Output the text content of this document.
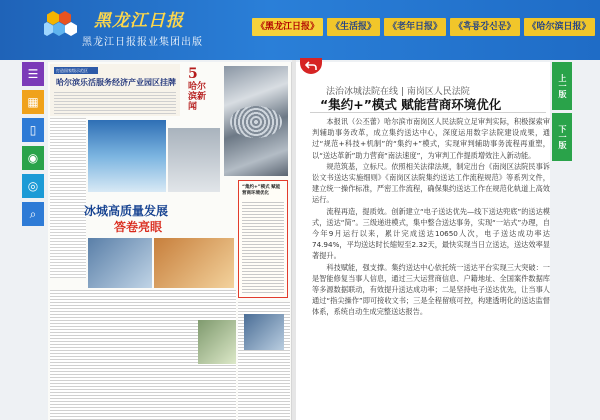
黑龙江日报
黑龙江日报报业集团出版
《黑龙江日报》	《生活报》	《老年日报》	《흑룡강신문》	《哈尔滨日报》
☰
▦
▯
◉
◎
⌕
打造国家级示范区
哈尔滨乐活服务经济产业园区挂牌 5
哈尔滨新闻
冰城高质量发展
答卷亮眼
“集约+”模式 赋能营商环境优化
法治冰城法院在线 | 南岗区人民法院
“集约+”模式 赋能营商环境优化

本报讯（公丕蕾）哈尔滨市南岗区人民法院立足审判实际，积极探索审判辅助事务改革，成立集约送达中心，深度运用数字法院建设成果，通过“规范+科技+机制”的“集约+”模式，实现审判辅助事务流程再重塑，以“送达革新”助力营商“南法速度”，为审判工作提质增效注入新动能。

规范筑基，立标尺。依照相关法律法规，制定出台《南岗区法院民事诉讼文书送达实施细则》《南岗区法院集约送达工作流程规范》等系列文件，建立统一操作标准，严密工作流程，确保集约送达工作在规范化轨道上高效运行。

流程再造，提质效。创新建立“电子送达优先—线下送达兜底”的送达模式，送达“简”。三级递进模式，集中整合送达事务，实现“一站式”办理，自今年9月运行以来，累计完成送达10650人次，电子送达成功率达74.94%，平均送达时长缩短至2.32天，最快实现当日立送达，送达效率显著提升。

科技赋能，强支撑。集约送达中心依托统一送达平台实现三大突破：一是智能修复当事人信息，通过三大运营商信息、户籍地址、全国案件数据库等多源数据联动，有效提升送达成功率；二是坚持电子送达优先，让当事人通过“指尖操作”即可接收文书；三是全程留痕可控，构建透明化的送达监督体系，系统自动生成完整送达报告。

上一版
下一版
